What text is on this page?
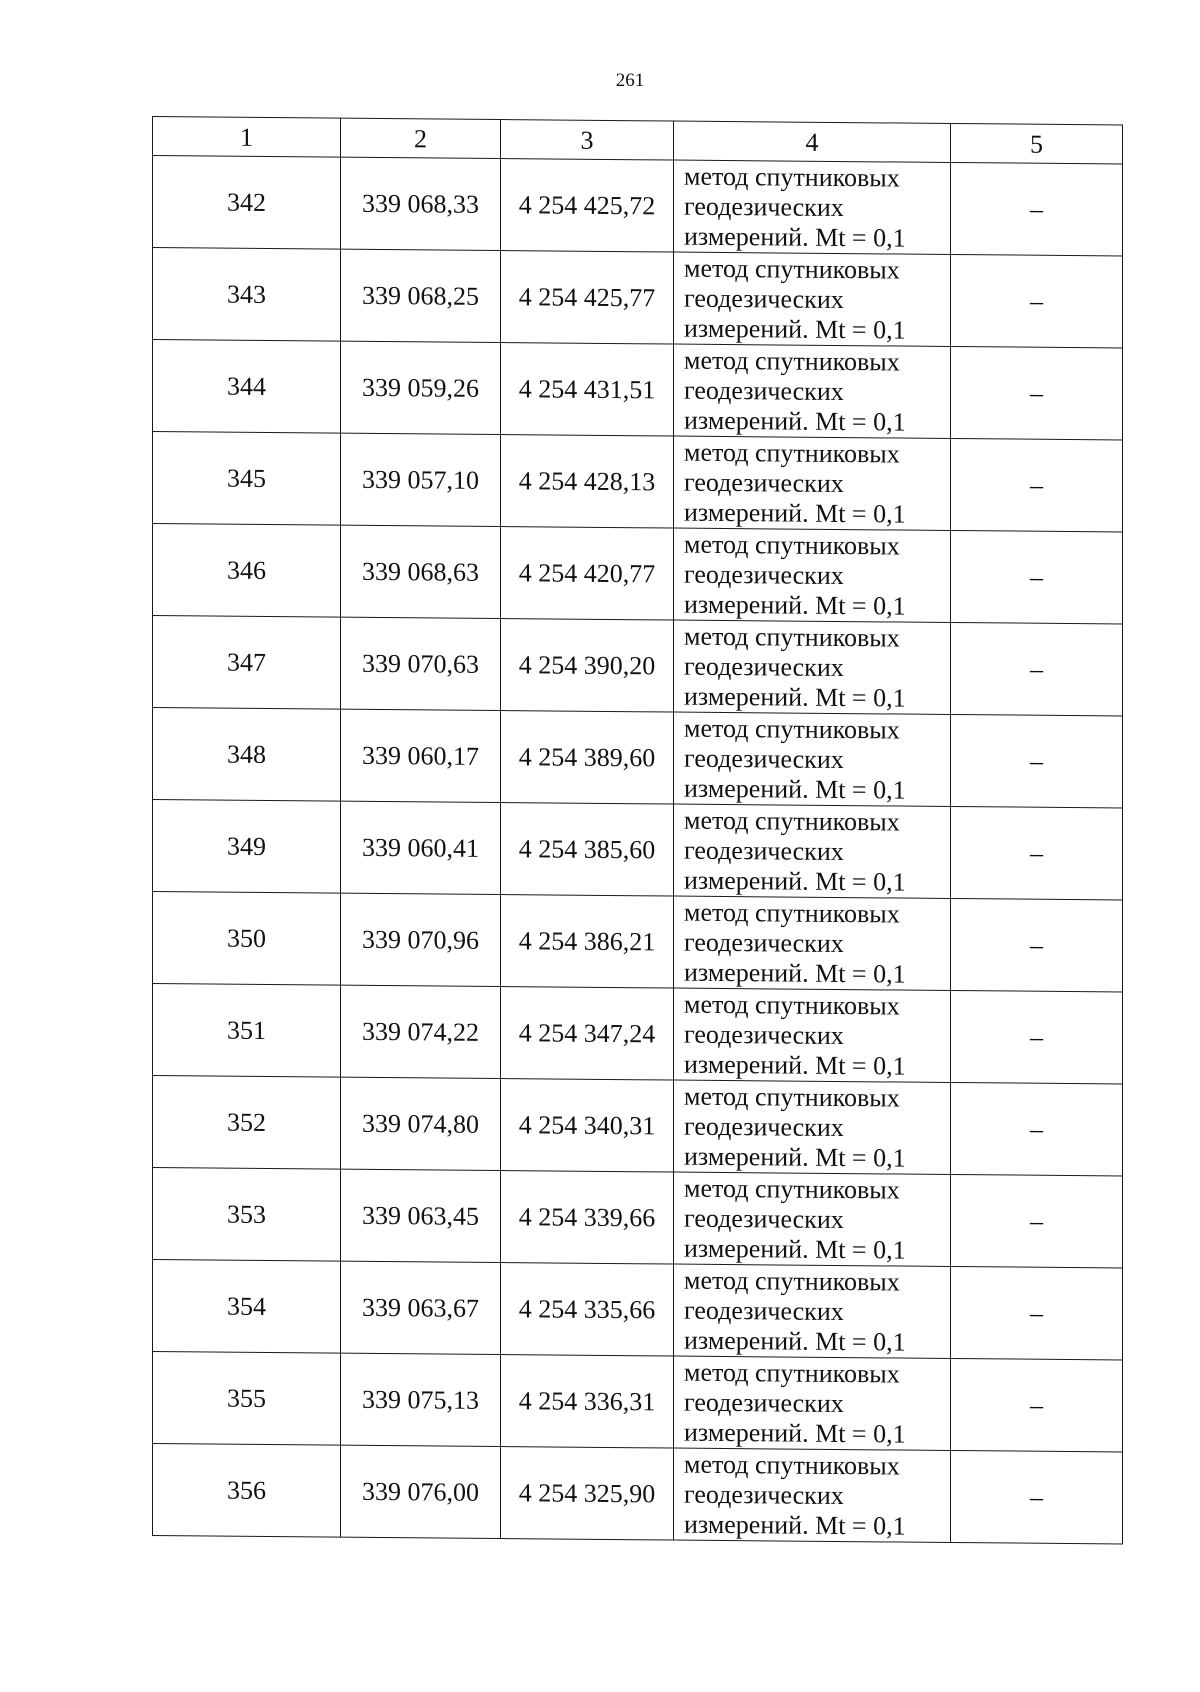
261
1	2	3	4	5
342	339 068,33	4 254 425,72	метод спутниковых
геодезических
измерений. Mt = 0,1	–
343	339 068,25	4 254 425,77	метод спутниковых
геодезических
измерений. Mt = 0,1	–
344	339 059,26	4 254 431,51	метод спутниковых
геодезических
измерений. Mt = 0,1	–
345	339 057,10	4 254 428,13	метод спутниковых
геодезических
измерений. Mt = 0,1	–
346	339 068,63	4 254 420,77	метод спутниковых
геодезических
измерений. Mt = 0,1	–
347	339 070,63	4 254 390,20	метод спутниковых
геодезических
измерений. Mt = 0,1	–
348	339 060,17	4 254 389,60	метод спутниковых
геодезических
измерений. Mt = 0,1	–
349	339 060,41	4 254 385,60	метод спутниковых
геодезических
измерений. Mt = 0,1	–
350	339 070,96	4 254 386,21	метод спутниковых
геодезических
измерений. Mt = 0,1	–
351	339 074,22	4 254 347,24	метод спутниковых
геодезических
измерений. Mt = 0,1	–
352	339 074,80	4 254 340,31	метод спутниковых
геодезических
измерений. Mt = 0,1	–
353	339 063,45	4 254 339,66	метод спутниковых
геодезических
измерений. Mt = 0,1	–
354	339 063,67	4 254 335,66	метод спутниковых
геодезических
измерений. Mt = 0,1	–
355	339 075,13	4 254 336,31	метод спутниковых
геодезических
измерений. Mt = 0,1	–
356	339 076,00	4 254 325,90	метод спутниковых
геодезических
измерений. Mt = 0,1	–
